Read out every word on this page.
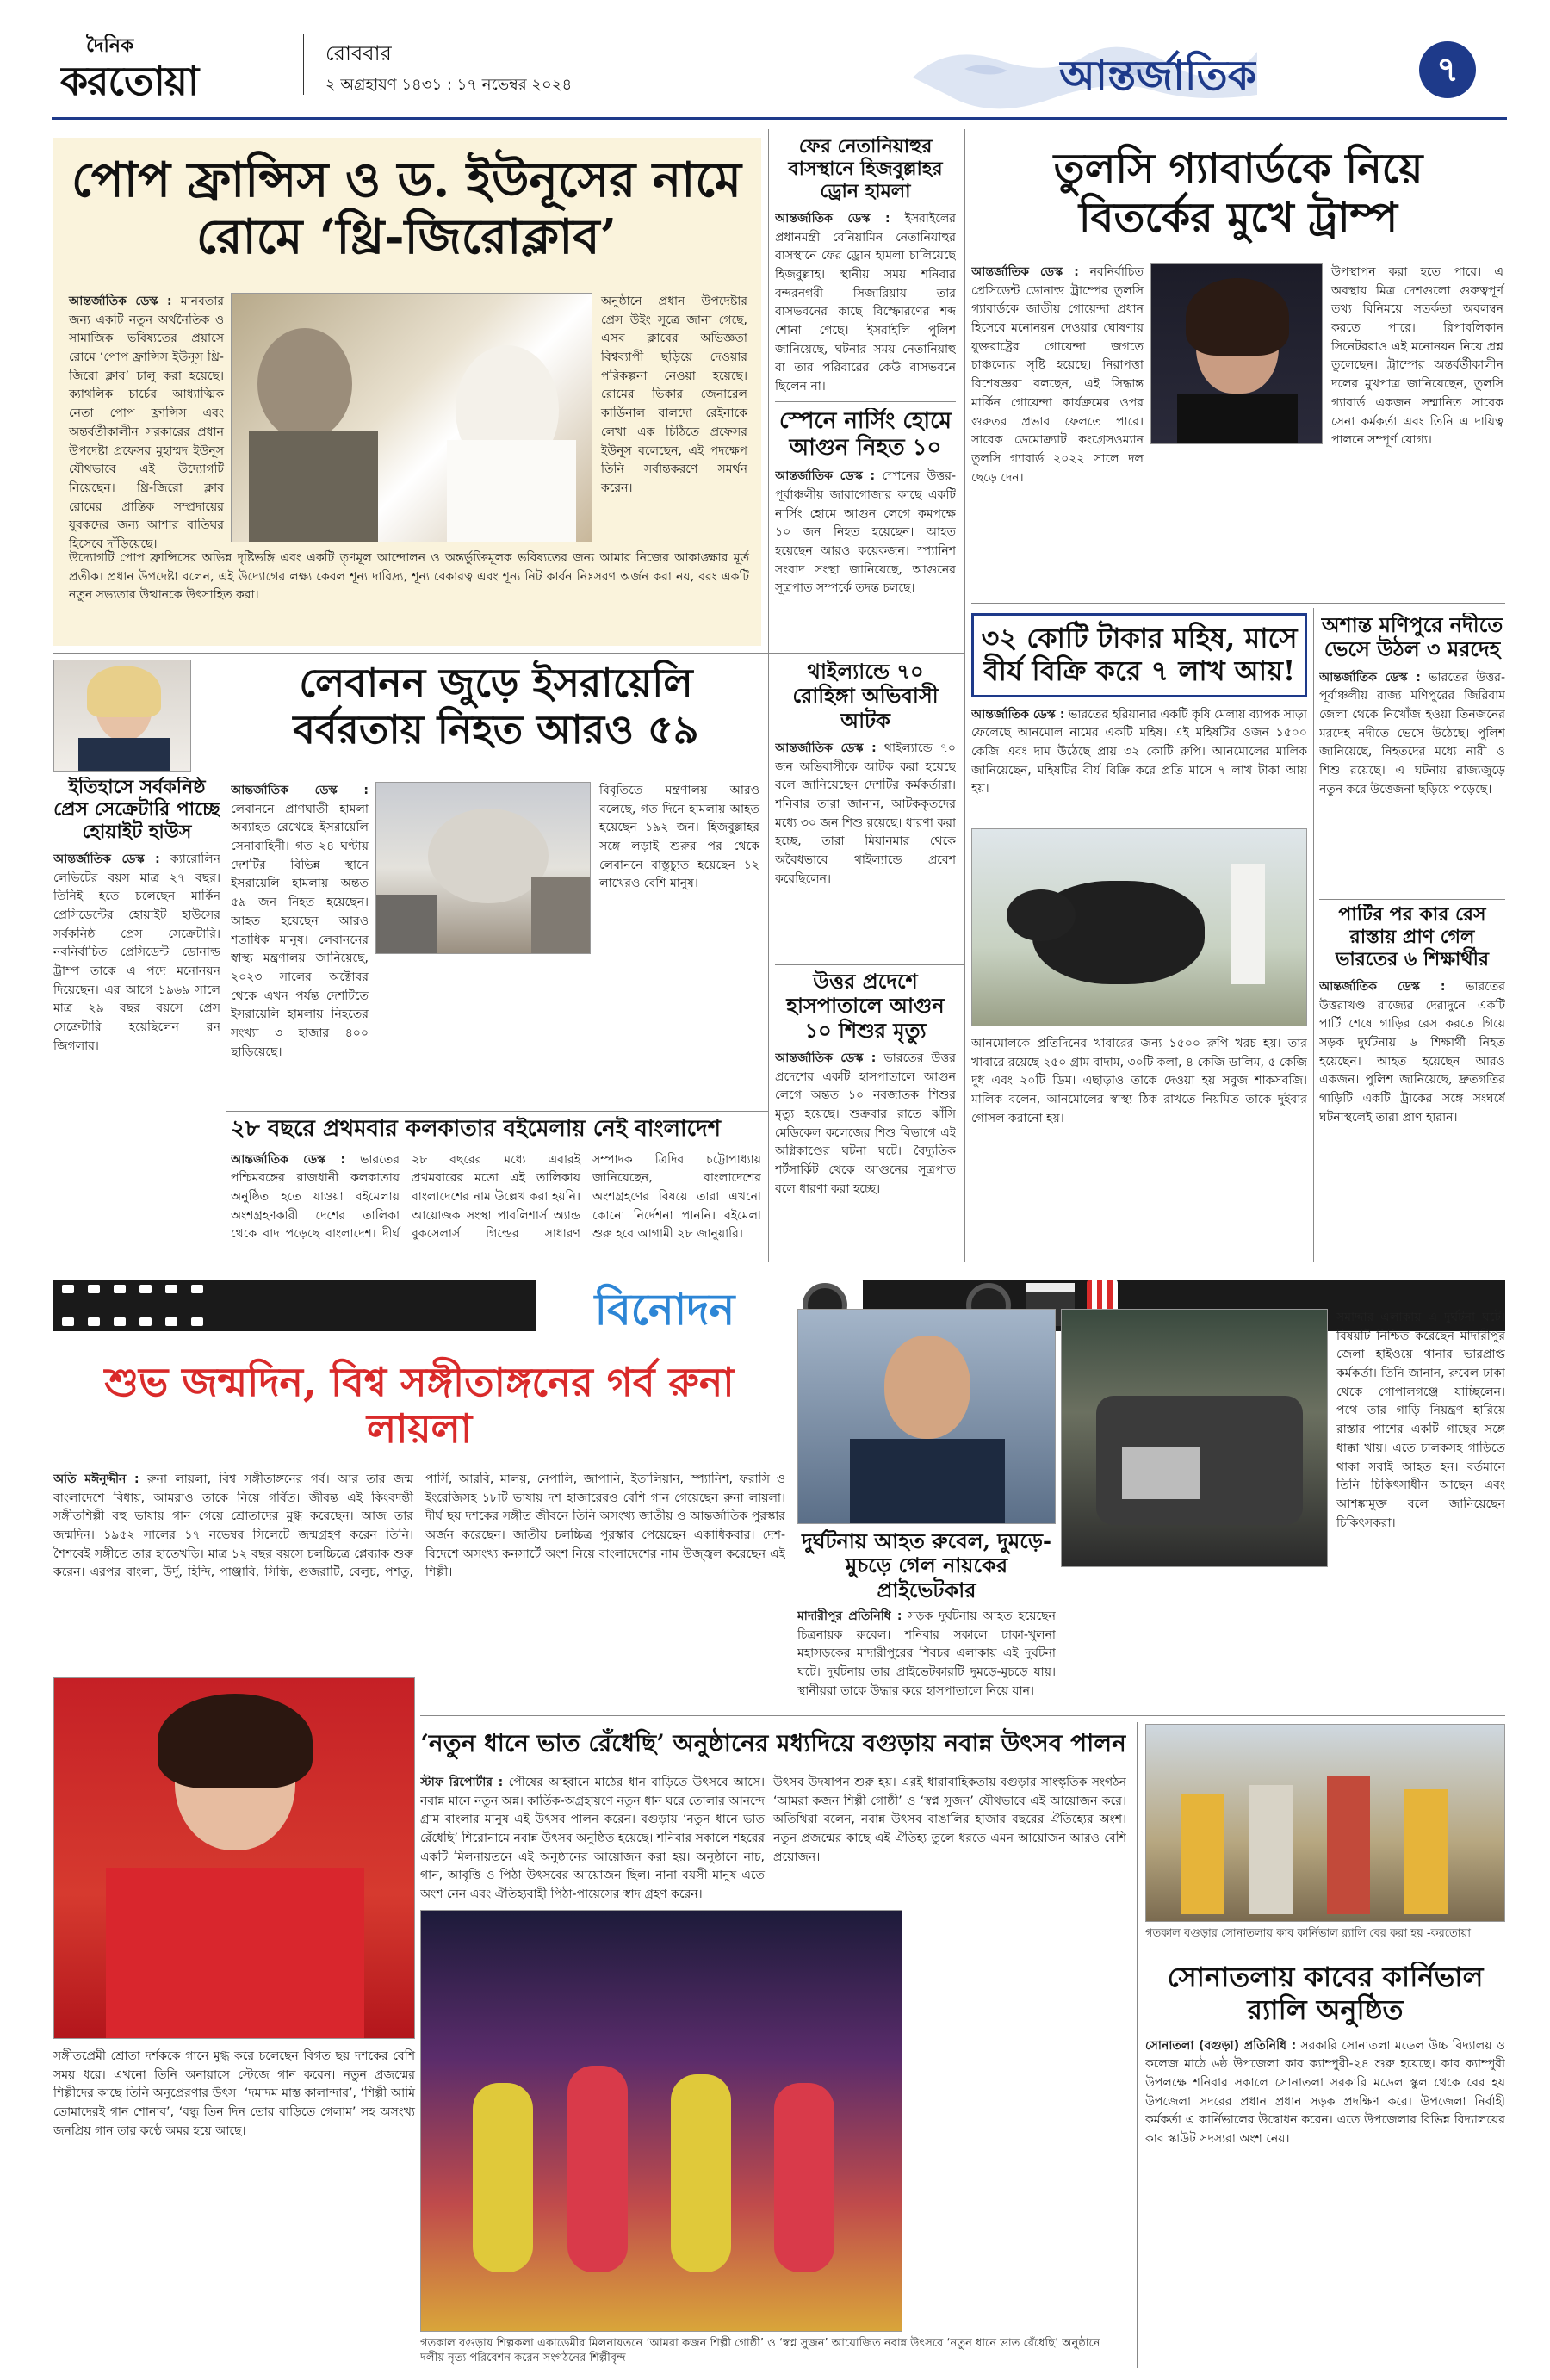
দৈনিক
করতোয়া
রোববার
২ অগ্রহায়ণ ১৪৩১ : ১৭ নভেম্বর ২০২৪	আন্তর্জাতিক	৭
পোপ ফ্রান্সিস ও ড. ইউনূসের নামে রোমে ‘থ্রি-জিরোক্লাব’
আন্তর্জাতিক ডেস্ক : মানবতার জন্য একটি নতুন অর্থনৈতিক ও সামাজিক ভবিষ্যতের প্রয়াসে রোমে ‘পোপ ফ্রান্সিস ইউনূস থ্রি-জিরো ক্লাব’ চালু করা হয়েছে। ক্যাথলিক চার্চের আধ্যাত্মিক নেতা পোপ ফ্রান্সিস এবং অন্তর্বর্তীকালীন সরকারের প্রধান উপদেষ্টা প্রফেসর মুহাম্মদ ইউনূস যৌথভাবে এই উদ্যোগটি নিয়েছেন। থ্রি-জিরো ক্লাব রোমের প্রান্তিক সম্প্রদায়ের যুবকদের জন্য আশার বাতিঘর হিসেবে দাঁড়িয়েছে।
অনুষ্ঠানে প্রধান উপদেষ্টার প্রেস উইং সূত্রে জানা গেছে, এসব ক্লাবের অভিজ্ঞতা বিশ্বব্যাপী ছড়িয়ে দেওয়ার পরিকল্পনা নেওয়া হয়েছে। রোমের ভিকার জেনারেল কার্ডিনাল বালদো রেইনাকে লেখা এক চিঠিতে প্রফেসর ইউনূস বলেছেন, এই পদক্ষেপ তিনি সর্বান্তকরণে সমর্থন করেন।
উদ্যোগটি পোপ ফ্রান্সিসের অভিন্ন দৃষ্টিভঙ্গি এবং একটি তৃণমূল আন্দোলন ও অন্তর্ভুক্তিমূলক ভবিষ্যতের জন্য আমার নিজের আকাঙ্ক্ষার মূর্ত প্রতীক। প্রধান উপদেষ্টা বলেন, এই উদ্যোগের লক্ষ্য কেবল শূন্য দারিদ্র্য, শূন্য বেকারত্ব এবং শূন্য নিট কার্বন নিঃসরণ অর্জন করা নয়, বরং একটি নতুন সভ্যতার উত্থানকে উৎসাহিত করা।
ফের নেতানিয়াহুর বাসস্থানে হিজবুল্লাহর ড্রোন হামলা
আন্তর্জাতিক ডেস্ক : ইসরাইলের প্রধানমন্ত্রী বেনিয়ামিন নেতানিয়াহুর বাসস্থানে ফের ড্রোন হামলা চালিয়েছে হিজবুল্লাহ। স্থানীয় সময় শনিবার বন্দরনগরী সিজারিয়ায় তার বাসভবনের কাছে বিস্ফোরণের শব্দ শোনা গেছে। ইসরাইলি পুলিশ জানিয়েছে, ঘটনার সময় নেতানিয়াহু বা তার পরিবারের কেউ বাসভবনে ছিলেন না।
স্পেনে নার্সিং হোমে আগুন নিহত ১০
আন্তর্জাতিক ডেস্ক : স্পেনের উত্তর-পূর্বাঞ্চলীয় জারাগোজার কাছে একটি নার্সিং হোমে আগুন লেগে কমপক্ষে ১০ জন নিহত হয়েছেন। আহত হয়েছেন আরও কয়েকজন। স্প্যানিশ সংবাদ সংস্থা জানিয়েছে, আগুনের সূত্রপাত সম্পর্কে তদন্ত চলছে।
তুলসি গ্যাবার্ডকে নিয়ে বিতর্কের মুখে ট্রাম্প
আন্তর্জাতিক ডেস্ক : নবনির্বাচিত প্রেসিডেন্ট ডোনাল্ড ট্রাম্পের তুলসি গ্যাবার্ডকে জাতীয় গোয়েন্দা প্রধান হিসেবে মনোনয়ন দেওয়ার ঘোষণায় যুক্তরাষ্ট্রের গোয়েন্দা জগতে চাঞ্চল্যের সৃষ্টি হয়েছে। নিরাপত্তা বিশেষজ্ঞরা বলছেন, এই সিদ্ধান্ত মার্কিন গোয়েন্দা কার্যক্রমের ওপর গুরুতর প্রভাব ফেলতে পারে। সাবেক ডেমোক্র্যাট কংগ্রেসওম্যান তুলসি গ্যাবার্ড ২০২২ সালে দল ছেড়ে দেন।
উপস্থাপন করা হতে পারে। এ অবস্থায় মিত্র দেশগুলো গুরুত্বপূর্ণ তথ্য বিনিময়ে সতর্কতা অবলম্বন করতে পারে। রিপাবলিকান সিনেটররাও এই মনোনয়ন নিয়ে প্রশ্ন তুলেছেন। ট্রাম্পের অন্তর্বর্তীকালীন দলের মুখপাত্র জানিয়েছেন, তুলসি গ্যাবার্ড একজন সম্মানিত সাবেক সেনা কর্মকর্তা এবং তিনি এ দায়িত্ব পালনে সম্পূর্ণ যোগ্য।
ইতিহাসে সর্বকনিষ্ঠ প্রেস সেক্রেটারি পাচ্ছে হোয়াইট হাউস
আন্তর্জাতিক ডেস্ক : ক্যারোলিন লেভিটের বয়স মাত্র ২৭ বছর। তিনিই হতে চলেছেন মার্কিন প্রেসিডেন্টের হোয়াইট হাউসের সর্বকনিষ্ঠ প্রেস সেক্রেটারি। নবনির্বাচিত প্রেসিডেন্ট ডোনাল্ড ট্রাম্প তাকে এ পদে মনোনয়ন দিয়েছেন। এর আগে ১৯৬৯ সালে মাত্র ২৯ বছর বয়সে প্রেস সেক্রেটারি হয়েছিলেন রন জিগলার।
লেবানন জুড়ে ইসরায়েলি বর্বরতায় নিহত আরও ৫৯
আন্তর্জাতিক ডেস্ক : লেবাননে প্রাণঘাতী হামলা অব্যাহত রেখেছে ইসরায়েলি সেনাবাহিনী। গত ২৪ ঘণ্টায় দেশটির বিভিন্ন স্থানে ইসরায়েলি হামলায় অন্তত ৫৯ জন নিহত হয়েছেন। আহত হয়েছেন আরও শতাধিক মানুষ। লেবাননের স্বাস্থ্য মন্ত্রণালয় জানিয়েছে, ২০২৩ সালের অক্টোবর থেকে এখন পর্যন্ত দেশটিতে ইসরায়েলি হামলায় নিহতের সংখ্যা ৩ হাজার ৪০০ ছাড়িয়েছে।
বিবৃতিতে মন্ত্রণালয় আরও বলেছে, গত দিনে হামলায় আহত হয়েছেন ১৯২ জন। হিজবুল্লাহর সঙ্গে লড়াই শুরুর পর থেকে লেবাননে বাস্তুচ্যুত হয়েছেন ১২ লাখেরও বেশি মানুষ।
থাইল্যান্ডে ৭০ রোহিঙ্গা অভিবাসী আটক
আন্তর্জাতিক ডেস্ক : থাইল্যান্ডে ৭০ জন অভিবাসীকে আটক করা হয়েছে বলে জানিয়েছেন দেশটির কর্মকর্তারা। শনিবার তারা জানান, আটককৃতদের মধ্যে ৩০ জন শিশু রয়েছে। ধারণা করা হচ্ছে, তারা মিয়ানমার থেকে অবৈধভাবে থাইল্যান্ডে প্রবেশ করেছিলেন।
উত্তর প্রদেশে হাসপাতালে আগুন ১০ শিশুর মৃত্যু
আন্তর্জাতিক ডেস্ক : ভারতের উত্তর প্রদেশের একটি হাসপাতালে আগুন লেগে অন্তত ১০ নবজাতক শিশুর মৃত্যু হয়েছে। শুক্রবার রাতে ঝাঁসি মেডিকেল কলেজের শিশু বিভাগে এই অগ্নিকাণ্ডের ঘটনা ঘটে। বৈদ্যুতিক শর্টসার্কিট থেকে আগুনের সূত্রপাত বলে ধারণা করা হচ্ছে।
৩২ কোটি টাকার মহিষ, মাসে বীর্য বিক্রি করে ৭ লাখ আয়!
আন্তর্জাতিক ডেস্ক : ভারতের হরিয়ানার একটি কৃষি মেলায় ব্যাপক সাড়া ফেলেছে আনমোল নামের একটি মহিষ। এই মহিষটির ওজন ১৫০০ কেজি এবং দাম উঠেছে প্রায় ৩২ কোটি রুপি। আনমোলের মালিক জানিয়েছেন, মহিষটির বীর্য বিক্রি করে প্রতি মাসে ৭ লাখ টাকা আয় হয়।
আনমোলকে প্রতিদিনের খাবারের জন্য ১৫০০ রুপি খরচ হয়। তার খাবারে রয়েছে ২৫০ গ্রাম বাদাম, ৩০টি কলা, ৪ কেজি ডালিম, ৫ কেজি দুধ এবং ২০টি ডিম। এছাড়াও তাকে দেওয়া হয় সবুজ শাকসবজি। মালিক বলেন, আনমোলের স্বাস্থ্য ঠিক রাখতে নিয়মিত তাকে দুইবার গোসল করানো হয়।
অশান্ত মণিপুরে নদীতে ভেসে উঠল ৩ মরদেহ
আন্তর্জাতিক ডেস্ক : ভারতের উত্তর-পূর্বাঞ্চলীয় রাজ্য মণিপুরের জিরিবাম জেলা থেকে নিখোঁজ হওয়া তিনজনের মরদেহ নদীতে ভেসে উঠেছে। পুলিশ জানিয়েছে, নিহতদের মধ্যে নারী ও শিশু রয়েছে। এ ঘটনায় রাজ্যজুড়ে নতুন করে উত্তেজনা ছড়িয়ে পড়েছে।
পার্টির পর কার রেস রাস্তায় প্রাণ গেল ভারতের ৬ শিক্ষার্থীর
আন্তর্জাতিক ডেস্ক : ভারতের উত্তরাখণ্ড রাজ্যের দেরাদুনে একটি পার্টি শেষে গাড়ির রেস করতে গিয়ে সড়ক দুর্ঘটনায় ৬ শিক্ষার্থী নিহত হয়েছেন। আহত হয়েছেন আরও একজন। পুলিশ জানিয়েছে, দ্রুতগতির গাড়িটি একটি ট্রাকের সঙ্গে সংঘর্ষে ঘটনাস্থলেই তারা প্রাণ হারান।
২৮ বছরে প্রথমবার কলকাতার বইমেলায় নেই বাংলাদেশ
আন্তর্জাতিক ডেস্ক : ভারতের পশ্চিমবঙ্গের রাজধানী কলকাতায় অনুষ্ঠিত হতে যাওয়া বইমেলায় অংশগ্রহণকারী দেশের তালিকা থেকে বাদ পড়েছে বাংলাদেশ। দীর্ঘ ২৮ বছরের মধ্যে এবারই প্রথমবারের মতো এই তালিকায় বাংলাদেশের নাম উল্লেখ করা হয়নি। আয়োজক সংস্থা পাবলিশার্স অ্যান্ড বুকসেলার্স গিল্ডের সাধারণ সম্পাদক ত্রিদিব চট্টোপাধ্যায় জানিয়েছেন, বাংলাদেশের অংশগ্রহণের বিষয়ে তারা এখনো কোনো নির্দেশনা পাননি। বইমেলা শুরু হবে আগামী ২৮ জানুয়ারি।
বিনোদন
শুভ জন্মদিন, বিশ্ব সঙ্গীতাঙ্গনের গর্ব রুনা লায়লা
অতি মঈনুদ্দীন : রুনা লায়লা, বিশ্ব সঙ্গীতাঙ্গনের গর্ব। আর তার জন্ম বাংলাদেশে বিধায়, আমরাও তাকে নিয়ে গর্বিত। জীবন্ত এই কিংবদন্তী সঙ্গীতশিল্পী বহু ভাষায় গান গেয়ে শ্রোতাদের মুগ্ধ করেছেন। আজ তার জন্মদিন। ১৯৫২ সালের ১৭ নভেম্বর সিলেটে জন্মগ্রহণ করেন তিনি। শৈশবেই সঙ্গীতে তার হাতেখড়ি। মাত্র ১২ বছর বয়সে চলচ্চিত্রে প্লেব্যাক শুরু করেন। এরপর বাংলা, উর্দু, হিন্দি, পাঞ্জাবি, সিন্ধি, গুজরাটি, বেলুচ, পশতু, পার্সি, আরবি, মালয়, নেপালি, জাপানি, ইতালিয়ান, স্প্যানিশ, ফরাসি ও ইংরেজিসহ ১৮টি ভাষায় দশ হাজারেরও বেশি গান গেয়েছেন রুনা লায়লা। দীর্ঘ ছয় দশকের সঙ্গীত জীবনে তিনি অসংখ্য জাতীয় ও আন্তর্জাতিক পুরস্কার অর্জন করেছেন। জাতীয় চলচ্চিত্র পুরস্কার পেয়েছেন একাধিকবার। দেশ-বিদেশে অসংখ্য কনসার্টে অংশ নিয়ে বাংলাদেশের নাম উজ্জ্বল করেছেন এই শিল্পী।
সঙ্গীতপ্রেমী শ্রোতা দর্শককে গানে মুগ্ধ করে চলেছেন বিগত ছয় দশকের বেশি সময় ধরে। এখনো তিনি অনায়াসে স্টেজে গান করেন। নতুন প্রজন্মের শিল্পীদের কাছে তিনি অনুপ্রেরণার উৎস। ‘দমাদম মাস্ত কালান্দার’, ‘শিল্পী আমি তোমাদেরই গান শোনাব’, ‘বন্ধু তিন দিন তোর বাড়িতে গেলাম’ সহ অসংখ্য জনপ্রিয় গান তার কণ্ঠে অমর হয়ে আছে।
দুর্ঘটনায় আহত রুবেল, দুমড়ে-মুচড়ে গেল নায়কের প্রাইভেটকার
মাদারীপুর প্রতিনিধি : সড়ক দুর্ঘটনায় আহত হয়েছেন চিত্রনায়ক রুবেল। শনিবার সকালে ঢাকা-খুলনা মহাসড়কের মাদারীপুরের শিবচর এলাকায় এই দুর্ঘটনা ঘটে। দুর্ঘটনায় তার প্রাইভেটকারটি দুমড়ে-মুচড়ে যায়। স্থানীয়রা তাকে উদ্ধার করে হাসপাতালে নিয়ে যান।
সমাদ্দার এলাকায় এ দুর্ঘটনা ঘটে। বিষয়টি নিশ্চিত করেছেন মাদারীপুর জেলা হাইওয়ে থানার ভারপ্রাপ্ত কর্মকর্তা। তিনি জানান, রুবেল ঢাকা থেকে গোপালগঞ্জে যাচ্ছিলেন। পথে তার গাড়ি নিয়ন্ত্রণ হারিয়ে রাস্তার পাশের একটি গাছের সঙ্গে ধাক্কা খায়। এতে চালকসহ গাড়িতে থাকা সবাই আহত হন। বর্তমানে তিনি চিকিৎসাধীন আছেন এবং আশঙ্কামুক্ত বলে জানিয়েছেন চিকিৎসকরা।
‘নতুন ধানে ভাত রেঁধেছি’ অনুষ্ঠানের মধ্যদিয়ে বগুড়ায় নবান্ন উৎসব পালন
স্টাফ রিপোর্টার : পৌষের আহ্বানে মাঠের ধান বাড়িতে উৎসবে আসে। নবান্ন মানে নতুন অন্ন। কার্তিক-অগ্রহায়ণে নতুন ধান ঘরে তোলার আনন্দে গ্রাম বাংলার মানুষ এই উৎসব পালন করেন। বগুড়ায় ‘নতুন ধানে ভাত রেঁধেছি’ শিরোনামে নবান্ন উৎসব অনুষ্ঠিত হয়েছে। শনিবার সকালে শহরের একটি মিলনায়তনে এই অনুষ্ঠানের আয়োজন করা হয়। অনুষ্ঠানে নাচ, গান, আবৃত্তি ও পিঠা উৎসবের আয়োজন ছিল। নানা বয়সী মানুষ এতে অংশ নেন এবং ঐতিহ্যবাহী পিঠা-পায়েসের স্বাদ গ্রহণ করেন।
উৎসব উদযাপন শুরু হয়। এরই ধারাবাহিকতায় বগুড়ার সাংস্কৃতিক সংগঠন ‘আমরা কজন শিল্পী গোষ্ঠী’ ও ‘স্বপ্ন সুজন’ যৌথভাবে এই আয়োজন করে। অতিথিরা বলেন, নবান্ন উৎসব বাঙালির হাজার বছরের ঐতিহ্যের অংশ। নতুন প্রজন্মের কাছে এই ঐতিহ্য তুলে ধরতে এমন আয়োজন আরও বেশি প্রয়োজন।
গতকাল বগুড়ায় শিল্পকলা একাডেমীর মিলনায়তনে ‘আমরা কজন শিল্পী গোষ্ঠী’ ও ‘স্বপ্ন সুজন’ আয়োজিত নবান্ন উৎসবে ‘নতুন ধানে ভাত রেঁধেছি’ অনুষ্ঠানে দলীয় নৃত্য পরিবেশন করেন সংগঠনের শিল্পীবৃন্দ
গতকাল বগুড়ার সোনাতলায় কাব কার্নিভাল র‌্যালি বের করা হয় -করতোয়া
সোনাতলায় কাবের কার্নিভাল র‌্যালি অনুষ্ঠিত
সোনাতলা (বগুড়া) প্রতিনিধি : সরকারি সোনাতলা মডেল উচ্চ বিদ্যালয় ও কলেজ মাঠে ৬ষ্ঠ উপজেলা কাব ক্যাম্পুরী-২৪ শুরু হয়েছে। কাব ক্যাম্পুরী উপলক্ষে শনিবার সকালে সোনাতলা সরকারি মডেল স্কুল থেকে বের হয় উপজেলা সদরের প্রধান প্রধান সড়ক প্রদক্ষিণ করে। উপজেলা নির্বাহী কর্মকর্তা এ কার্নিভালের উদ্বোধন করেন। এতে উপজেলার বিভিন্ন বিদ্যালয়ের কাব স্কাউট সদস্যরা অংশ নেয়।
